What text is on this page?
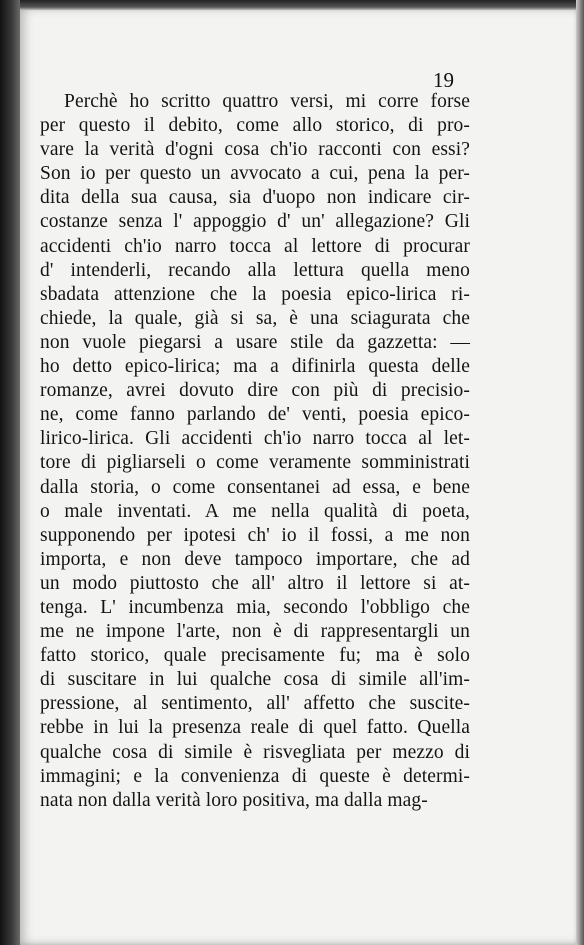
19
Perchè ho scritto quattro versi, mi corre forse
per questo il debito, come allo storico, di pro-
vare la verità d'ogni cosa ch'io racconti con essi?
Son io per questo un avvocato a cui, pena la per-
dita della sua causa, sia d'uopo non indicare cir-
costanze senza l' appoggio d' un' allegazione? Gli
accidenti ch'io narro tocca al lettore di procurar
d' intenderli, recando alla lettura quella meno
sbadata attenzione che la poesia epico-lirica ri-
chiede, la quale, già si sa, è una sciagurata che
non vuole piegarsi a usare stile da gazzetta: —
ho detto epico-lirica; ma a difinirla questa delle
romanze, avrei dovuto dire con più di precisio-
ne, come fanno parlando de' venti, poesia epico-
lirico-lirica. Gli accidenti ch'io narro tocca al let-
tore di pigliarseli o come veramente somministrati
dalla storia, o come consentanei ad essa, e bene
o male inventati. A me nella qualità di poeta,
supponendo per ipotesi ch' io il fossi, a me non
importa, e non deve tampoco importare, che ad
un modo piuttosto che all' altro il lettore si at-
tenga. L' incumbenza mia, secondo l'obbligo che
me ne impone l'arte, non è di rappresentargli un
fatto storico, quale precisamente fu; ma è solo
di suscitare in lui qualche cosa di simile all'im-
pressione, al sentimento, all' affetto che suscite-
rebbe in lui la presenza reale di quel fatto. Quella
qualche cosa di simile è risvegliata per mezzo di
immagini; e la convenienza di queste è determi-
nata non dalla verità loro positiva, ma dalla mag-
